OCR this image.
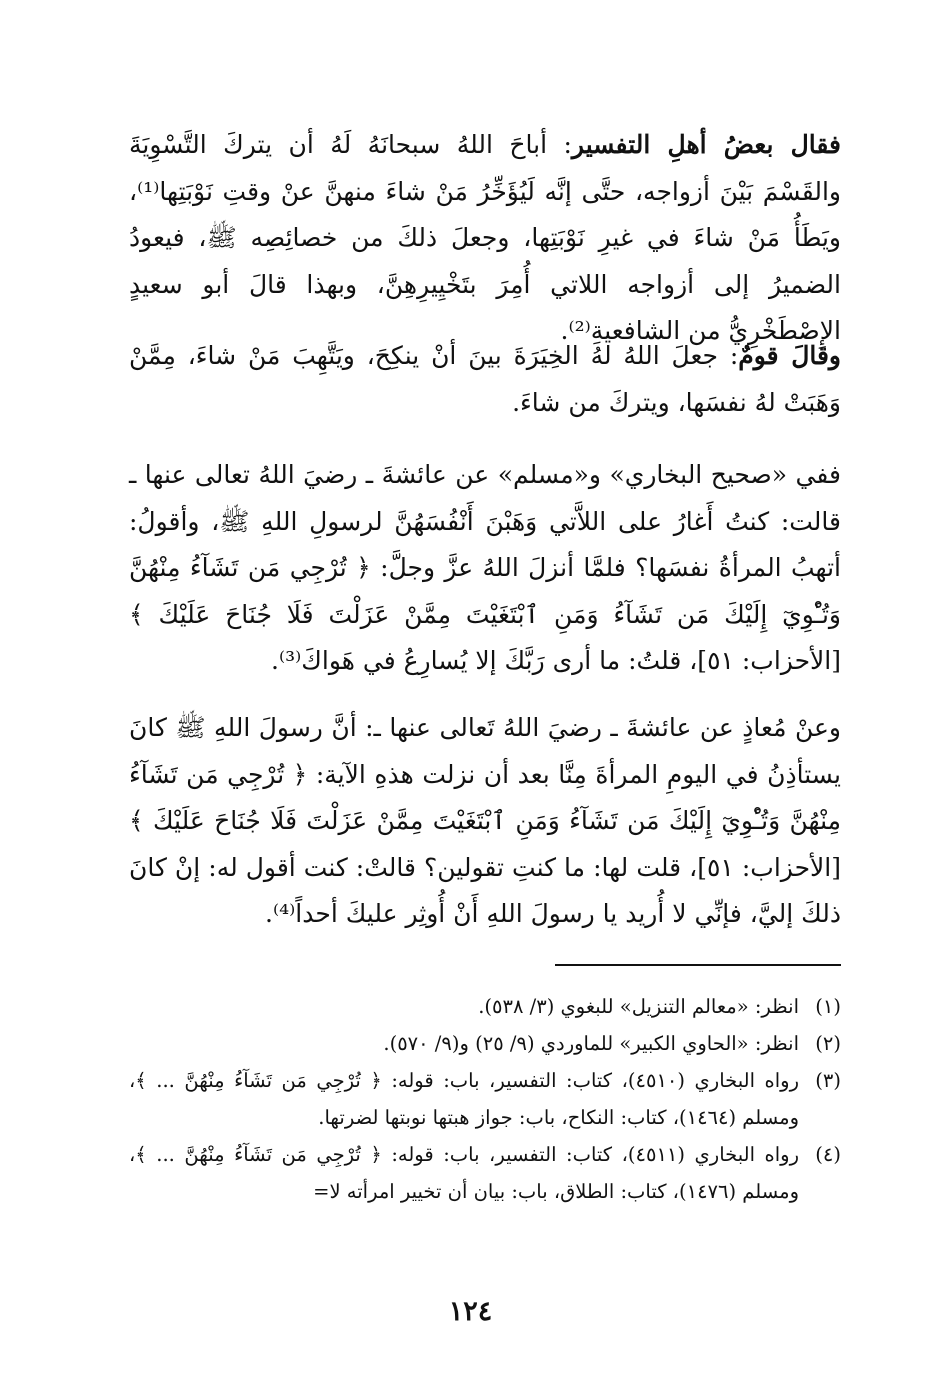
فقال بعضُ أهلِ التفسير: أباحَ اللهُ سبحانَهُ لَهُ أن يتركَ التَّسْوِيَةَ والقَسْمَ بَيْنَ أزواجه، حتَّى إنَّه لَيُؤَخِّرُ مَنْ شاءَ منهنَّ عنْ وقتِ نَوْبَتِها⁽¹⁾، ويَطَأُ مَنْ شاءَ في غيرِ نَوْبَتِها، وجعلَ ذلكَ من خصائِصِه ﷺ، فيعودُ الضميرُ إلى أزواجه اللاتي أُمِرَ بتَخْيِيرِهِنَّ، وبهذا قالَ أبو سعيدٍ الإِصْطَخْرِيُّ من الشافعيةِ⁽²⁾.

وقالَ قومٌ: جعلَ اللهُ لهُ الخِيَرَةَ بينَ أنْ ينكِحَ، ويَتَّهِبَ مَنْ شاءَ، مِمَّنْ وَهَبَتْ لهُ نفسَها، ويتركَ من شاءَ.

ففي «صحيح البخاري» و«مسلم» عن عائشةَ ـ رضيَ اللهُ تعالى عنها ـ قالت: كنتُ أَغارُ على اللاَّتي وَهَبْنَ أَنْفُسَهُنَّ لرسولِ اللهِ ﷺ، وأقولُ: أتهبُ المرأةُ نفسَها؟ فلمَّا أنزلَ اللهُ عزَّ وجلَّ: ﴿ تُرْجِي مَن تَشَآءُ مِنْهُنَّ وَتُـْٔوِيٓ إِلَيْكَ مَن تَشَآءُ وَمَنِ ٱبْتَغَيْتَ مِمَّنْ عَزَلْتَ فَلَا جُنَاحَ عَلَيْكَ ﴾ [الأحزاب: ٥١]، قلتُ: ما أرى رَبَّكَ إلا يُسارِعُ في هَواكَ⁽³⁾.

وعنْ مُعاذٍ عن عائشةَ ـ رضيَ اللهُ تَعالى عنها ـ: أنَّ رسولَ اللهِ ﷺ كانَ يستأذِنُ في اليومِ المرأةَ مِنَّا بعد أن نزلت هذهِ الآية: ﴿ تُرْجِي مَن تَشَآءُ مِنْهُنَّ وَتُـْٔوِيٓ إِلَيْكَ مَن تَشَآءُ وَمَنِ ٱبْتَغَيْتَ مِمَّنْ عَزَلْتَ فَلَا جُنَاحَ عَلَيْكَ ﴾ [الأحزاب: ٥١]، قلت لها: ما كنتِ تقولين؟ قالتْ: كنت أقول له: إنْ كانَ ذلكَ إليَّ، فإنِّي لا أُريد يا رسولَ اللهِ أَنْ أُوثِر عليكَ أحداً⁽⁴⁾.

(١)
انظر: «معالم التنزيل» للبغوي (٣/ ٥٣٨).
(٢)
انظر: «الحاوي الكبير» للماوردي (٩/ ٢٥) و(٩/ ٥٧٠).
(٣)
رواه البخاري (٤٥١٠)، كتاب: التفسير، باب: قوله: ﴿ تُرْجِي مَن تَشَآءُ مِنْهُنَّ ... ﴾، ومسلم (١٤٦٤)، كتاب: النكاح، باب: جواز هبتها نوبتها لضرتها.
(٤)
رواه البخاري (٤٥١١)، كتاب: التفسير، باب: قوله: ﴿ تُرْجِي مَن تَشَآءُ مِنْهُنَّ ... ﴾، ومسلم (١٤٧٦)، كتاب: الطلاق، باب: بيان أن تخيير امرأته لا=
١٢٤
